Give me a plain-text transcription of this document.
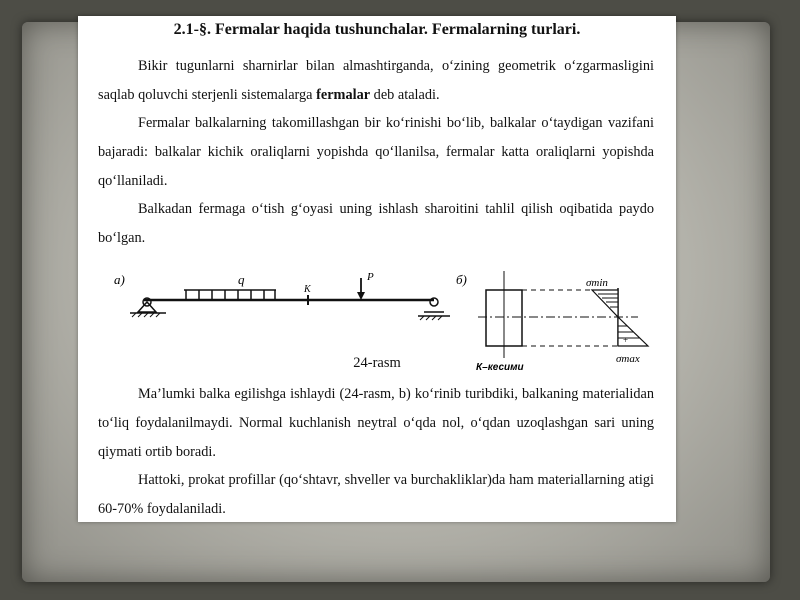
2.1-§. Fermalar haqida tushunchalar. Fermalarning turlari.
Bikir tugunlarni sharnirlar bilan almashtirganda, o‘zining geometrik o‘zgarmasligini saqlab qoluvchi sterjenli sistemalarga fermalar deb ataladi.
Fermalar balkalarning takomillashgan bir ko‘rinishi bo‘lib, balkalar o‘taydigan vazifani bajaradi: balkalar kichik oraliqlarni yopishda qo‘llanilsa, fermalar katta oraliqlarni yopishda qo‘llaniladi.
Balkadan fermaga o‘tish g‘oyasi uning ishlash sharoitini tahlil qilish oqibatida paydo bo‘lgan.
а)	q
К
P	б)
−
+
σmin
σmax
К–кесими
24-rasm
Ma’lumki balka egilishga ishlaydi (24-rasm, b) ko‘rinib turibdiki, balkaning materialidan to‘liq foydalanilmaydi. Normal kuchlanish neytral o‘qda nol, o‘qdan uzoqlashgan sari uning qiymati ortib boradi.
Hattoki, prokat profillar (qo‘shtavr, shveller va burchakliklar)da ham materiallarning atigi 60-70% foydalaniladi.
